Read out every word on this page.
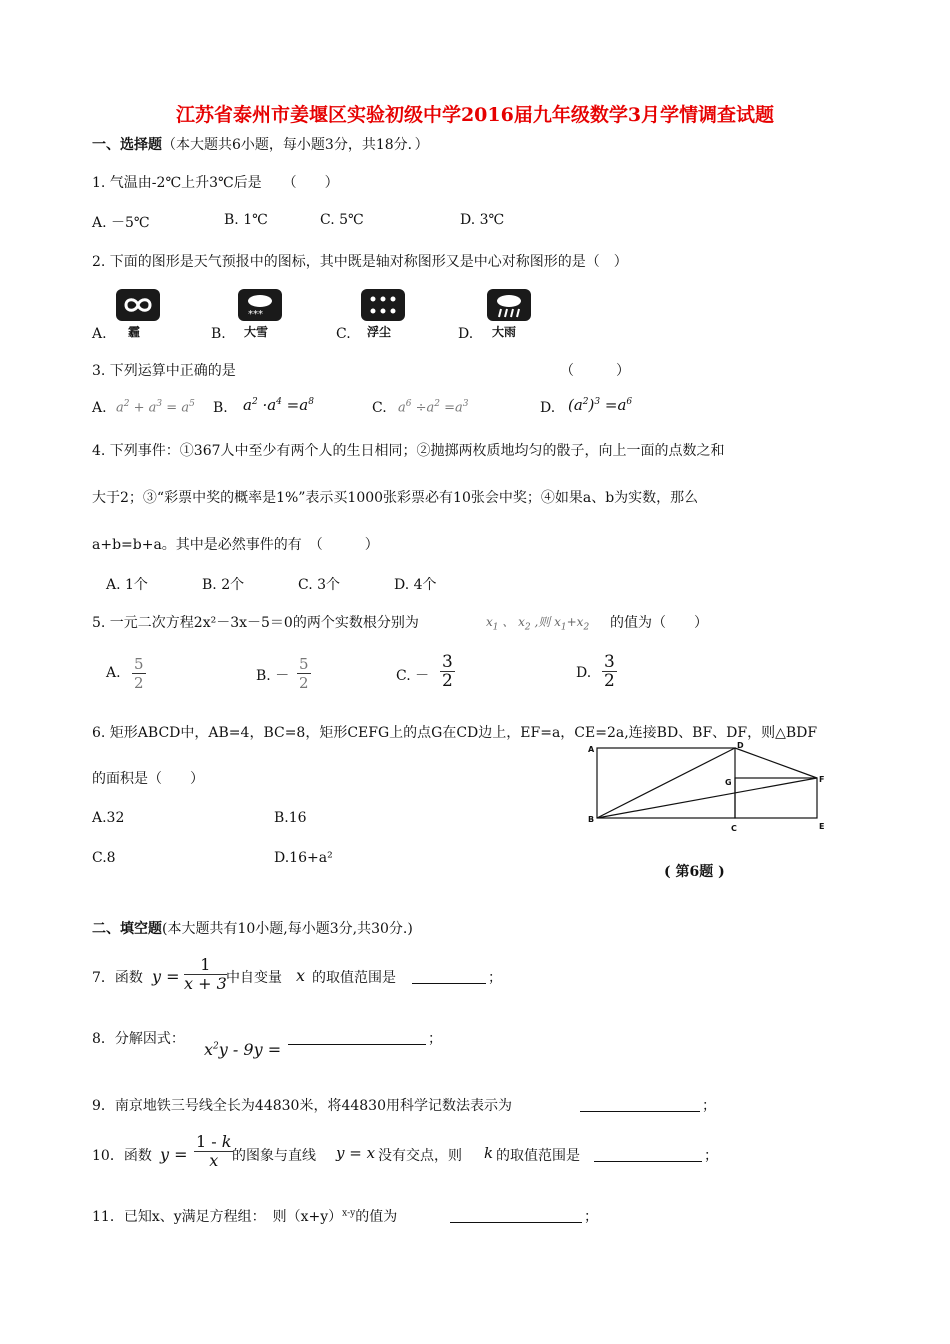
江苏省泰州市姜堰区实验初级中学2016届九年级数学3月学情调查试题
一、选择题（本大题共6小题，每小题3分，共18分．）
1. 气温由-2℃上升3℃后是　　（　　）
A. －5℃	B. 1℃	C. 5℃	D. 3℃
2. 下面的图形是天气预报中的图标，其中既是轴对称图形又是中心对称图形的是（　）
***
A. 霾	B. 大雪	C. 浮尘	D. 大雨
3. 下列运算中正确的是	（　　　）
A. $a^2 + a^3 = a^5$ B. $a^2 \cdot a^4 =a^8$	C. $a^6 \div a^2 =a^3$	D. $(a^2)^3 =a^6$
4. 下列事件：①367人中至少有两个人的生日相同；②抛掷两枚质地均匀的骰子，向上一面的点数之和
大于2；③“彩票中奖的概率是1%”表示买1000张彩票必有10张会中奖；④如果a、b为实数，那么
a+b=b+a。其中是必然事件的有　（　　　）
A. 1个	B. 2个	C. 3个	D. 4个
5. 一元二次方程2x²－3x－5＝0的两个实数根分别为	$x_1$ 、 $x_2$ ,则 $x_1+x_2$ 的值为（　　）
A. $\frac{5}{2}$	B. － $\frac{5}{2}$	C. － $\frac{3}{2}$	D. $\frac{3}{2}$
6. 矩形ABCD中，AB=4，BC=8，矩形CEFG上的点G在CD边上，EF=a，CE=2a,连接BD、BF、DF，则△BDF
的面积是（　　）
A.32	B.16
C.8	D.16+a²
A	D
G	F
B
C	E
( 第6题 )
二、填空题(本大题共有10小题,每小题3分,共30分.)
7．函数 $y = \frac{1}{x + 3}$ 中自变量 x 的取值范围是	；
8．分解因式：
$x^2y - 9y$ =
；
9．南京地铁三号线全长为44830米，将44830用科学记数法表示为	；
10．函数 $y = \frac{1 - k}{x}$
的图象与直线 y = x 没有交点，则 k 的取值范围是	；
11．已知x、y满足方程组：　则$(x+y)^{x-y}$的值为	；
